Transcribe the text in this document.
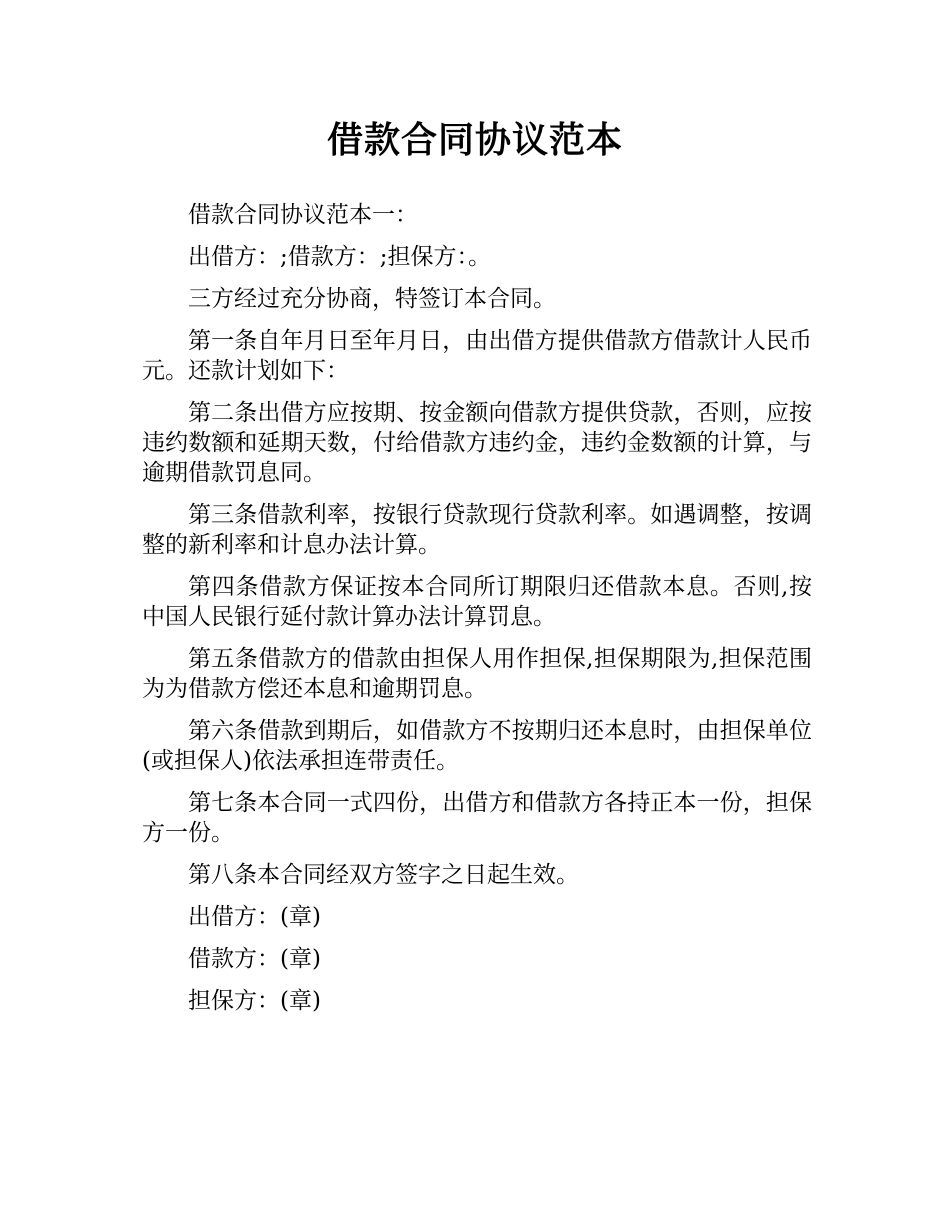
借款合同协议范本

借款合同协议范本一：

出借方：;借款方：;担保方：。

三方经过充分协商，特签订本合同。

第一条自年月日至年月日，由出借方提供借款方借款计人民币元。还款计划如下：

第二条出借方应按期、按金额向借款方提供贷款，否则，应按违约数额和延期天数，付给借款方违约金，违约金数额的计算，与逾期借款罚息同。

第三条借款利率，按银行贷款现行贷款利率。如遇调整，按调整的新利率和计息办法计算。

第四条借款方保证按本合同所订期限归还借款本息。否则,按中国人民银行延付款计算办法计算罚息。

第五条借款方的借款由担保人用作担保,担保期限为,担保范围为为借款方偿还本息和逾期罚息。

第六条借款到期后，如借款方不按期归还本息时，由担保单位(或担保人)依法承担连带责任。

第七条本合同一式四份，出借方和借款方各持正本一份，担保方一份。

第八条本合同经双方签字之日起生效。

出借方：(章)

借款方：(章)

担保方：(章)
